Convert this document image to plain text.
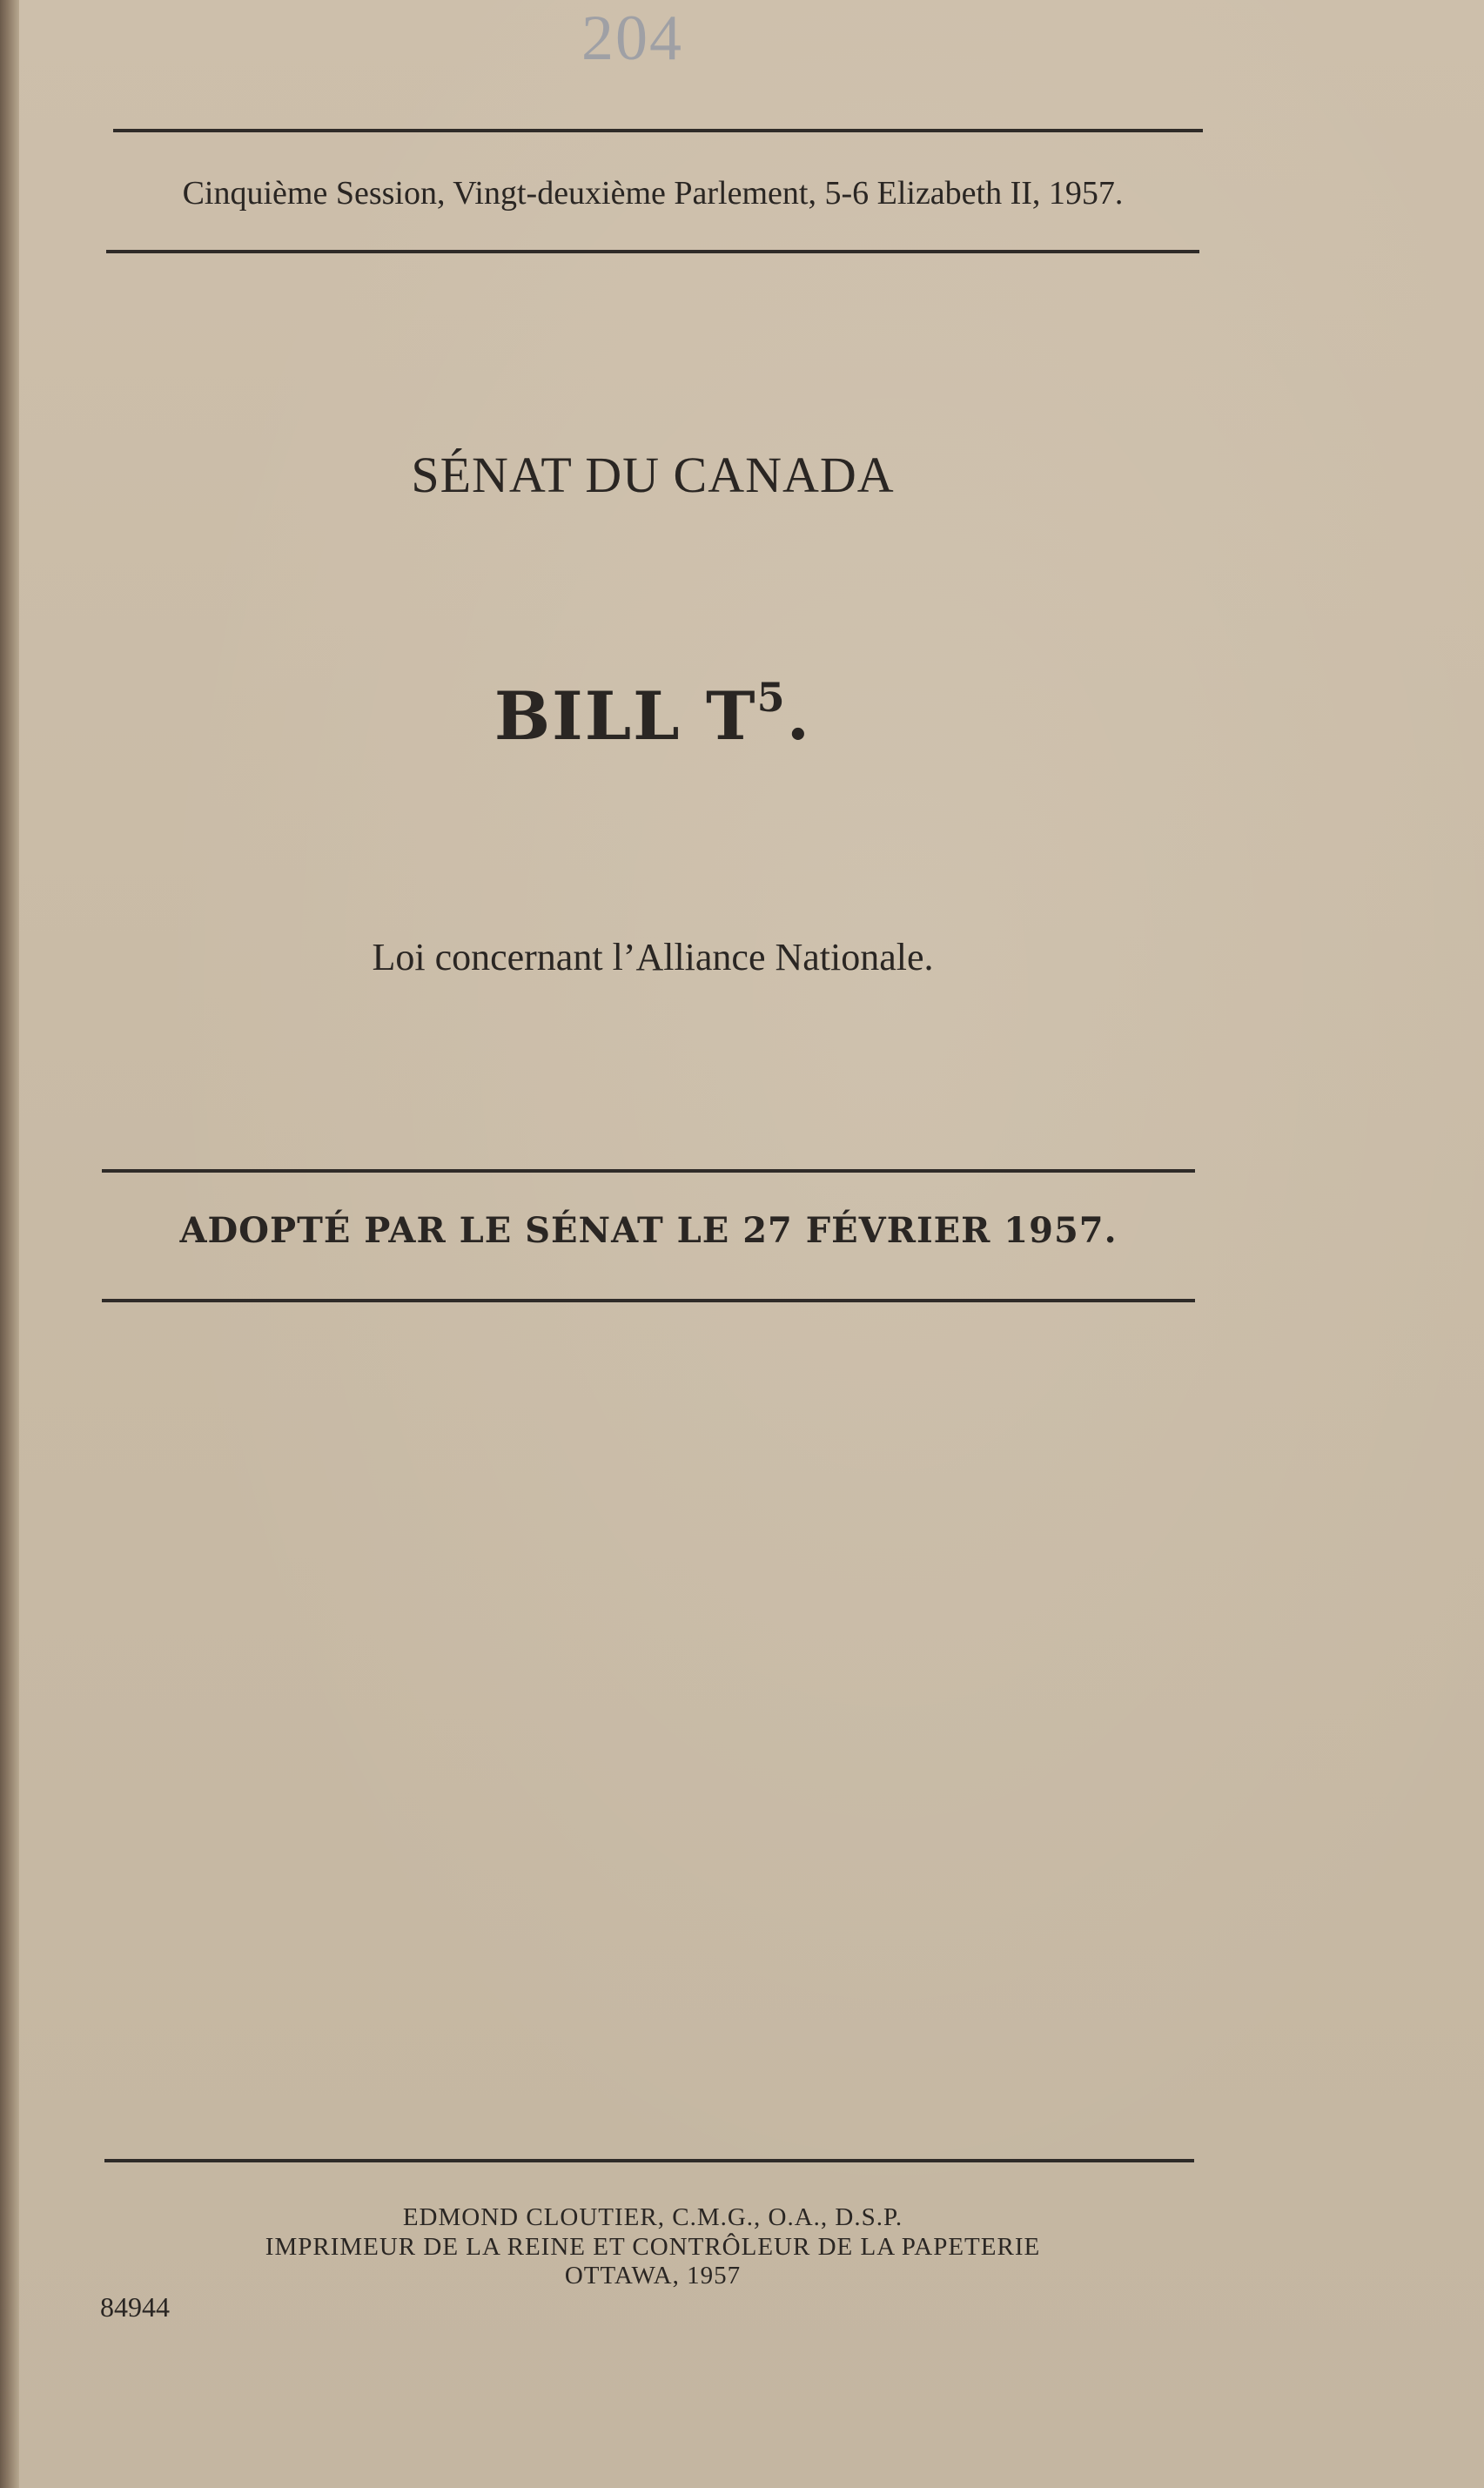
204
Cinquième Session, Vingt-deuxième Parlement, 5-6 Elizabeth II, 1957.
SÉNAT DU CANADA
BILL $T^5$.
Loi concernant l’Alliance Nationale.
ADOPTÉ PAR LE SÉNAT LE 27 FÉVRIER 1957.
EDMOND CLOUTIER, C.M.G., O.A., D.S.P.
IMPRIMEUR DE LA REINE ET CONTRÔLEUR DE LA PAPETERIE
OTTAWA, 1957
84944
